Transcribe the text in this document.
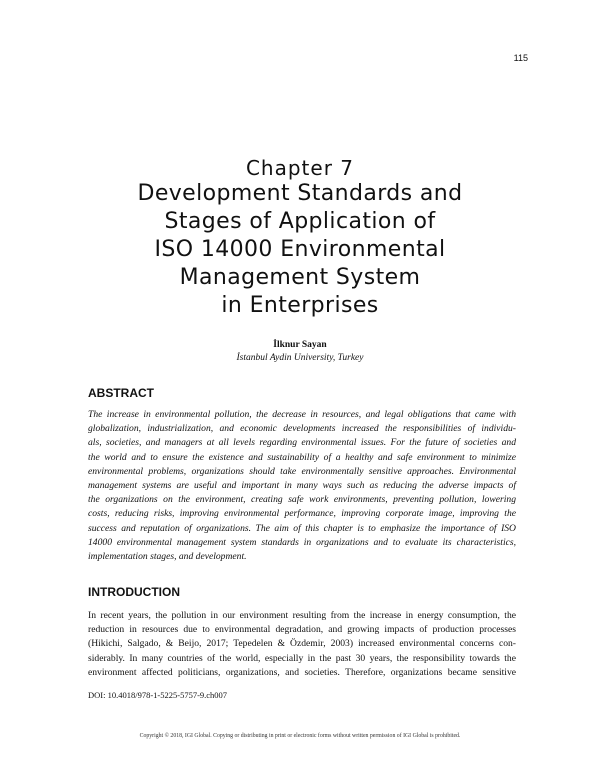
115
Chapter 7
Development Standards and
Stages of Application of
ISO 14000 Environmental
Management System
in Enterprises
İlknur Sayan
İstanbul Aydin University, Turkey
ABSTRACT
The increase in environmental pollution, the decrease in resources, and legal obligations that came with
globalization, industrialization, and economic developments increased the responsibilities of individu-
als, societies, and managers at all levels regarding environmental issues. For the future of societies and
the world and to ensure the existence and sustainability of a healthy and safe environment to minimize
environmental problems, organizations should take environmentally sensitive approaches. Environmental
management systems are useful and important in many ways such as reducing the adverse impacts of
the organizations on the environment, creating safe work environments, preventing pollution, lowering
costs, reducing risks, improving environmental performance, improving corporate image, improving the
success and reputation of organizations. The aim of this chapter is to emphasize the importance of ISO
14000 environmental management system standards in organizations and to evaluate its characteristics,
implementation stages, and development.
INTRODUCTION
In recent years, the pollution in our environment resulting from the increase in energy consumption, the
reduction in resources due to environmental degradation, and growing impacts of production processes
(Hikichi, Salgado, & Beijo, 2017; Tepedelen & Özdemir, 2003) increased environmental concerns con-
siderably. In many countries of the world, especially in the past 30 years, the responsibility towards the
environment affected politicians, organizations, and societies. Therefore, organizations became sensitive
DOI: 10.4018/978-1-5225-5757-9.ch007
Copyright © 2018, IGI Global. Copying or distributing in print or electronic forms without written permission of IGI Global is prohibited.
